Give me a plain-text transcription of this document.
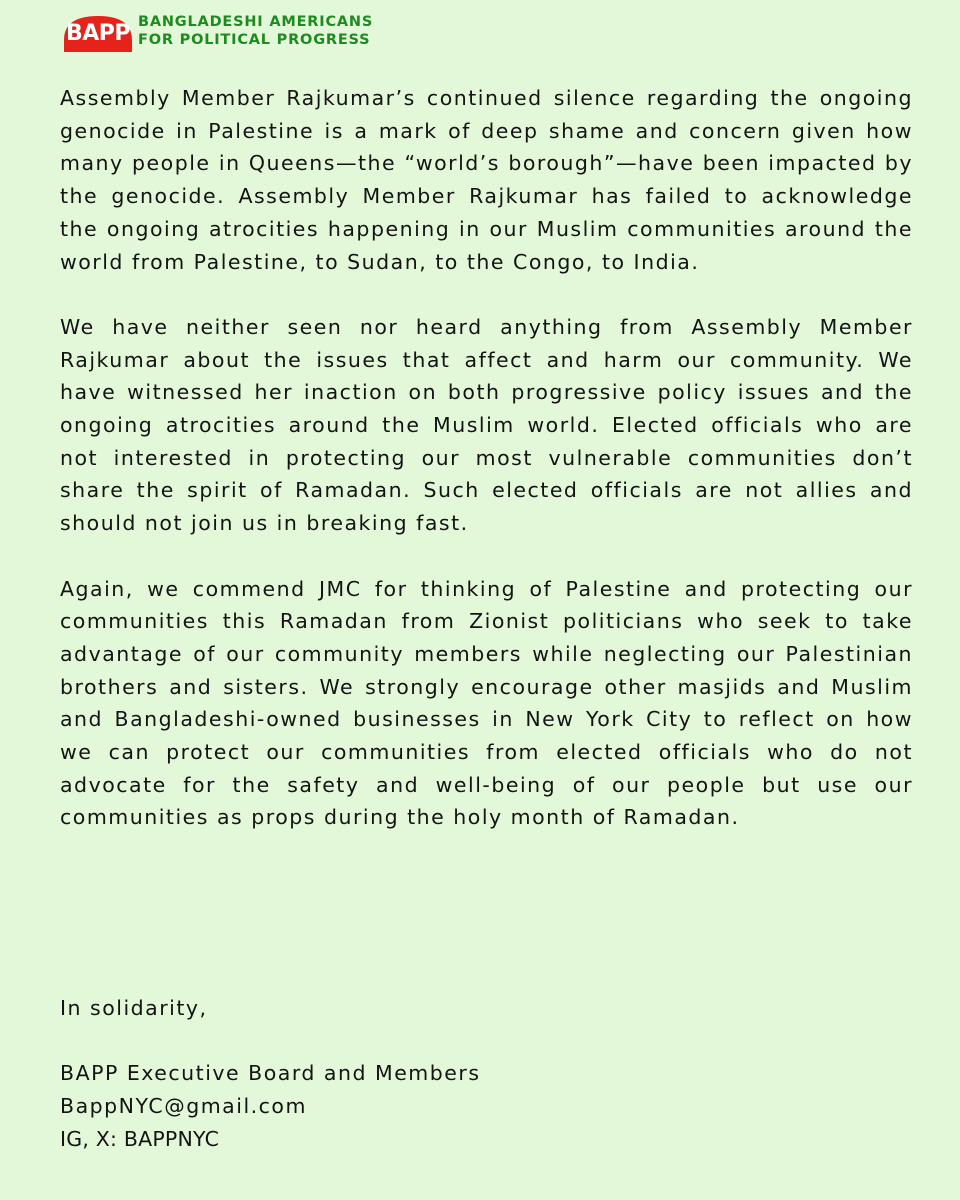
BAPP BANGLADESHI AMERICANS
FOR POLITICAL PROGRESS

Assembly Member Rajkumar’s continued silence regarding the ongoing genocide in Palestine is a mark of deep shame and concern given how many people in Queens—the “world’s borough”—have been impacted by the genocide. Assembly Member Rajkumar has failed to acknowledge the ongoing atrocities happening in our Muslim communities around the world from Palestine, to Sudan, to the Congo, to India.

We have neither seen nor heard anything from Assembly Member Rajkumar about the issues that affect and harm our community. We have witnessed her inaction on both progressive policy issues and the ongoing atrocities around the Muslim world. Elected officials who are not interested in protecting our most vulnerable communities don’t share the spirit of Ramadan. Such elected officials are not allies and should not join us in breaking fast.

Again, we commend JMC for thinking of Palestine and protecting our communities this Ramadan from Zionist politicians who seek to take advantage of our community members while neglecting our Palestinian brothers and sisters. We strongly encourage other masjids and Muslim and Bangladeshi-owned businesses in New York City to reflect on how we can protect our communities from elected officials who do not advocate for the safety and well-being of our people but use our communities as props during the holy month of Ramadan.

In solidarity,
BAPP Executive Board and Members
BappNYC@gmail.com
IG, X: BAPPNYC
